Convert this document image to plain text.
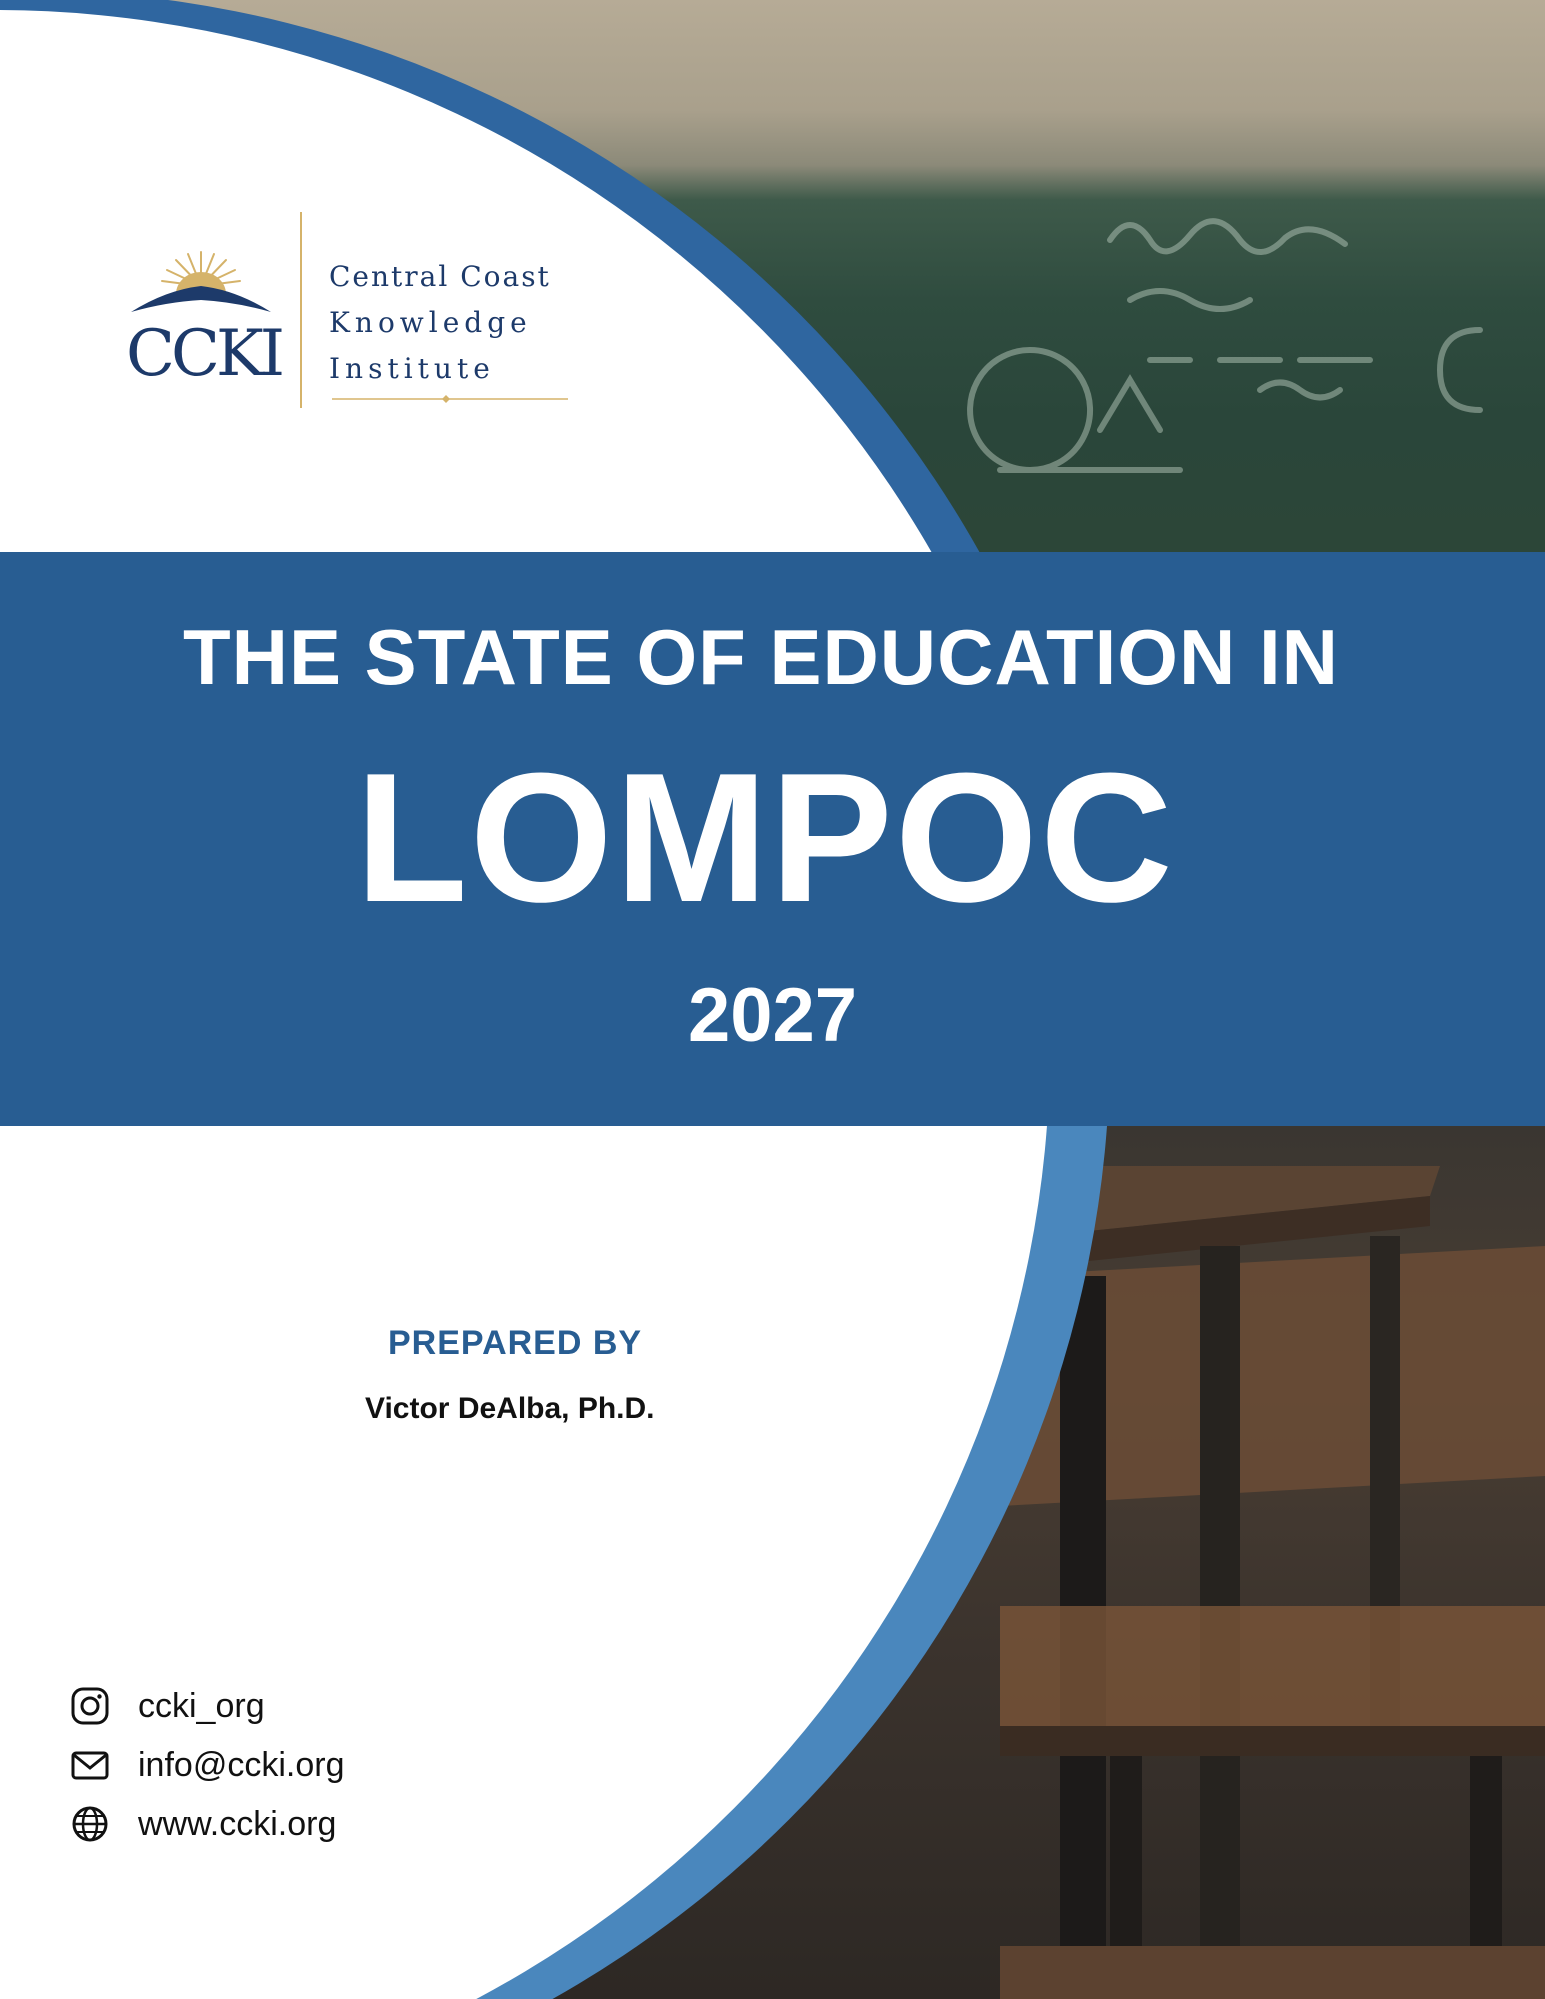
CCKI
Central Coast
Knowledge
Institute
THE STATE OF EDUCATION IN
LOMPOC
2027
PREPARED BY
Victor DeAlba, Ph.D.
ccki_org
info@ccki.org
www.ccki.org
